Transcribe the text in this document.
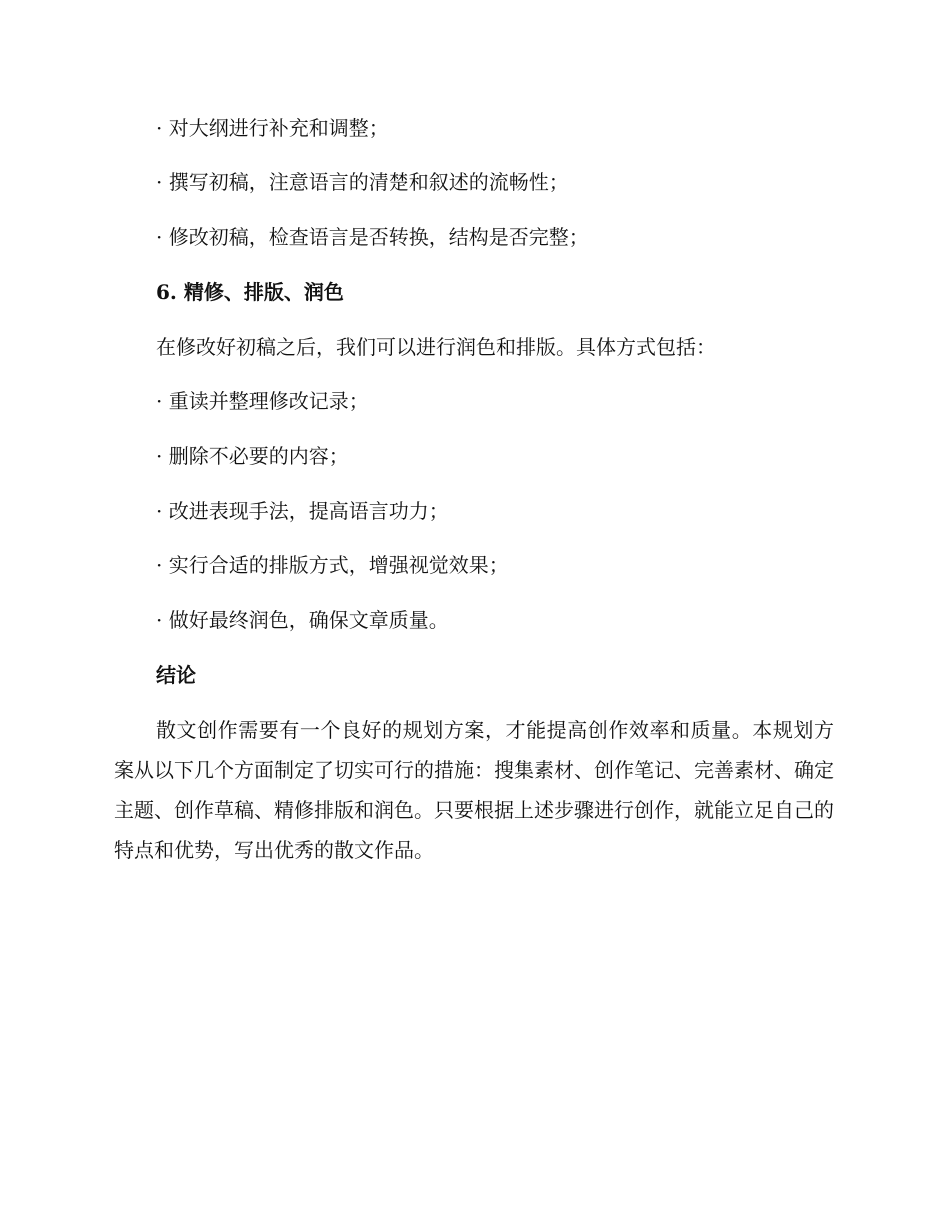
· 对大纲进行补充和调整；
· 撰写初稿，注意语言的清楚和叙述的流畅性；
· 修改初稿，检查语言是否转换，结构是否完整；
6. 精修、排版、润色
在修改好初稿之后，我们可以进行润色和排版。具体方式包括：
· 重读并整理修改记录；
· 删除不必要的内容；
· 改进表现手法，提高语言功力；
· 实行合适的排版方式，增强视觉效果；
· 做好最终润色，确保文章质量。
结论
散文创作需要有一个良好的规划方案，才能提高创作效率和质量。本规划方案从以下几个方面制定了切实可行的措施：搜集素材、创作笔记、完善素材、确定主题、创作草稿、精修排版和润色。只要根据上述步骤进行创作，就能立足自己的特点和优势，写出优秀的散文作品。
